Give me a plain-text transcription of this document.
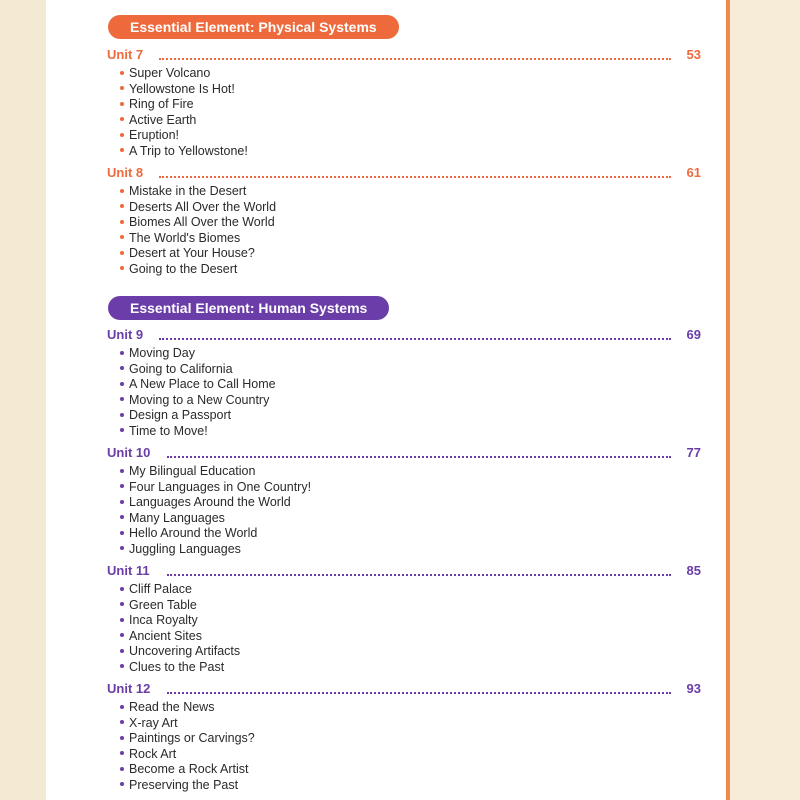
Essential Element: Physical Systems
Unit 7	53
Super Volcano
Yellowstone Is Hot!
Ring of Fire
Active Earth
Eruption!
A Trip to Yellowstone!
Unit 8	61
Mistake in the Desert
Deserts All Over the World
Biomes All Over the World
The World's Biomes
Desert at Your House?
Going to the Desert
Essential Element: Human Systems
Unit 9	69
Moving Day
Going to California
A New Place to Call Home
Moving to a New Country
Design a Passport
Time to Move!
Unit 10	77
My Bilingual Education
Four Languages in One Country!
Languages Around the World
Many Languages
Hello Around the World
Juggling Languages
Unit 11	85
Cliff Palace
Green Table
Inca Royalty
Ancient Sites
Uncovering Artifacts
Clues to the Past
Unit 12	93
Read the News
X-ray Art
Paintings or Carvings?
Rock Art
Become a Rock Artist
Preserving the Past
